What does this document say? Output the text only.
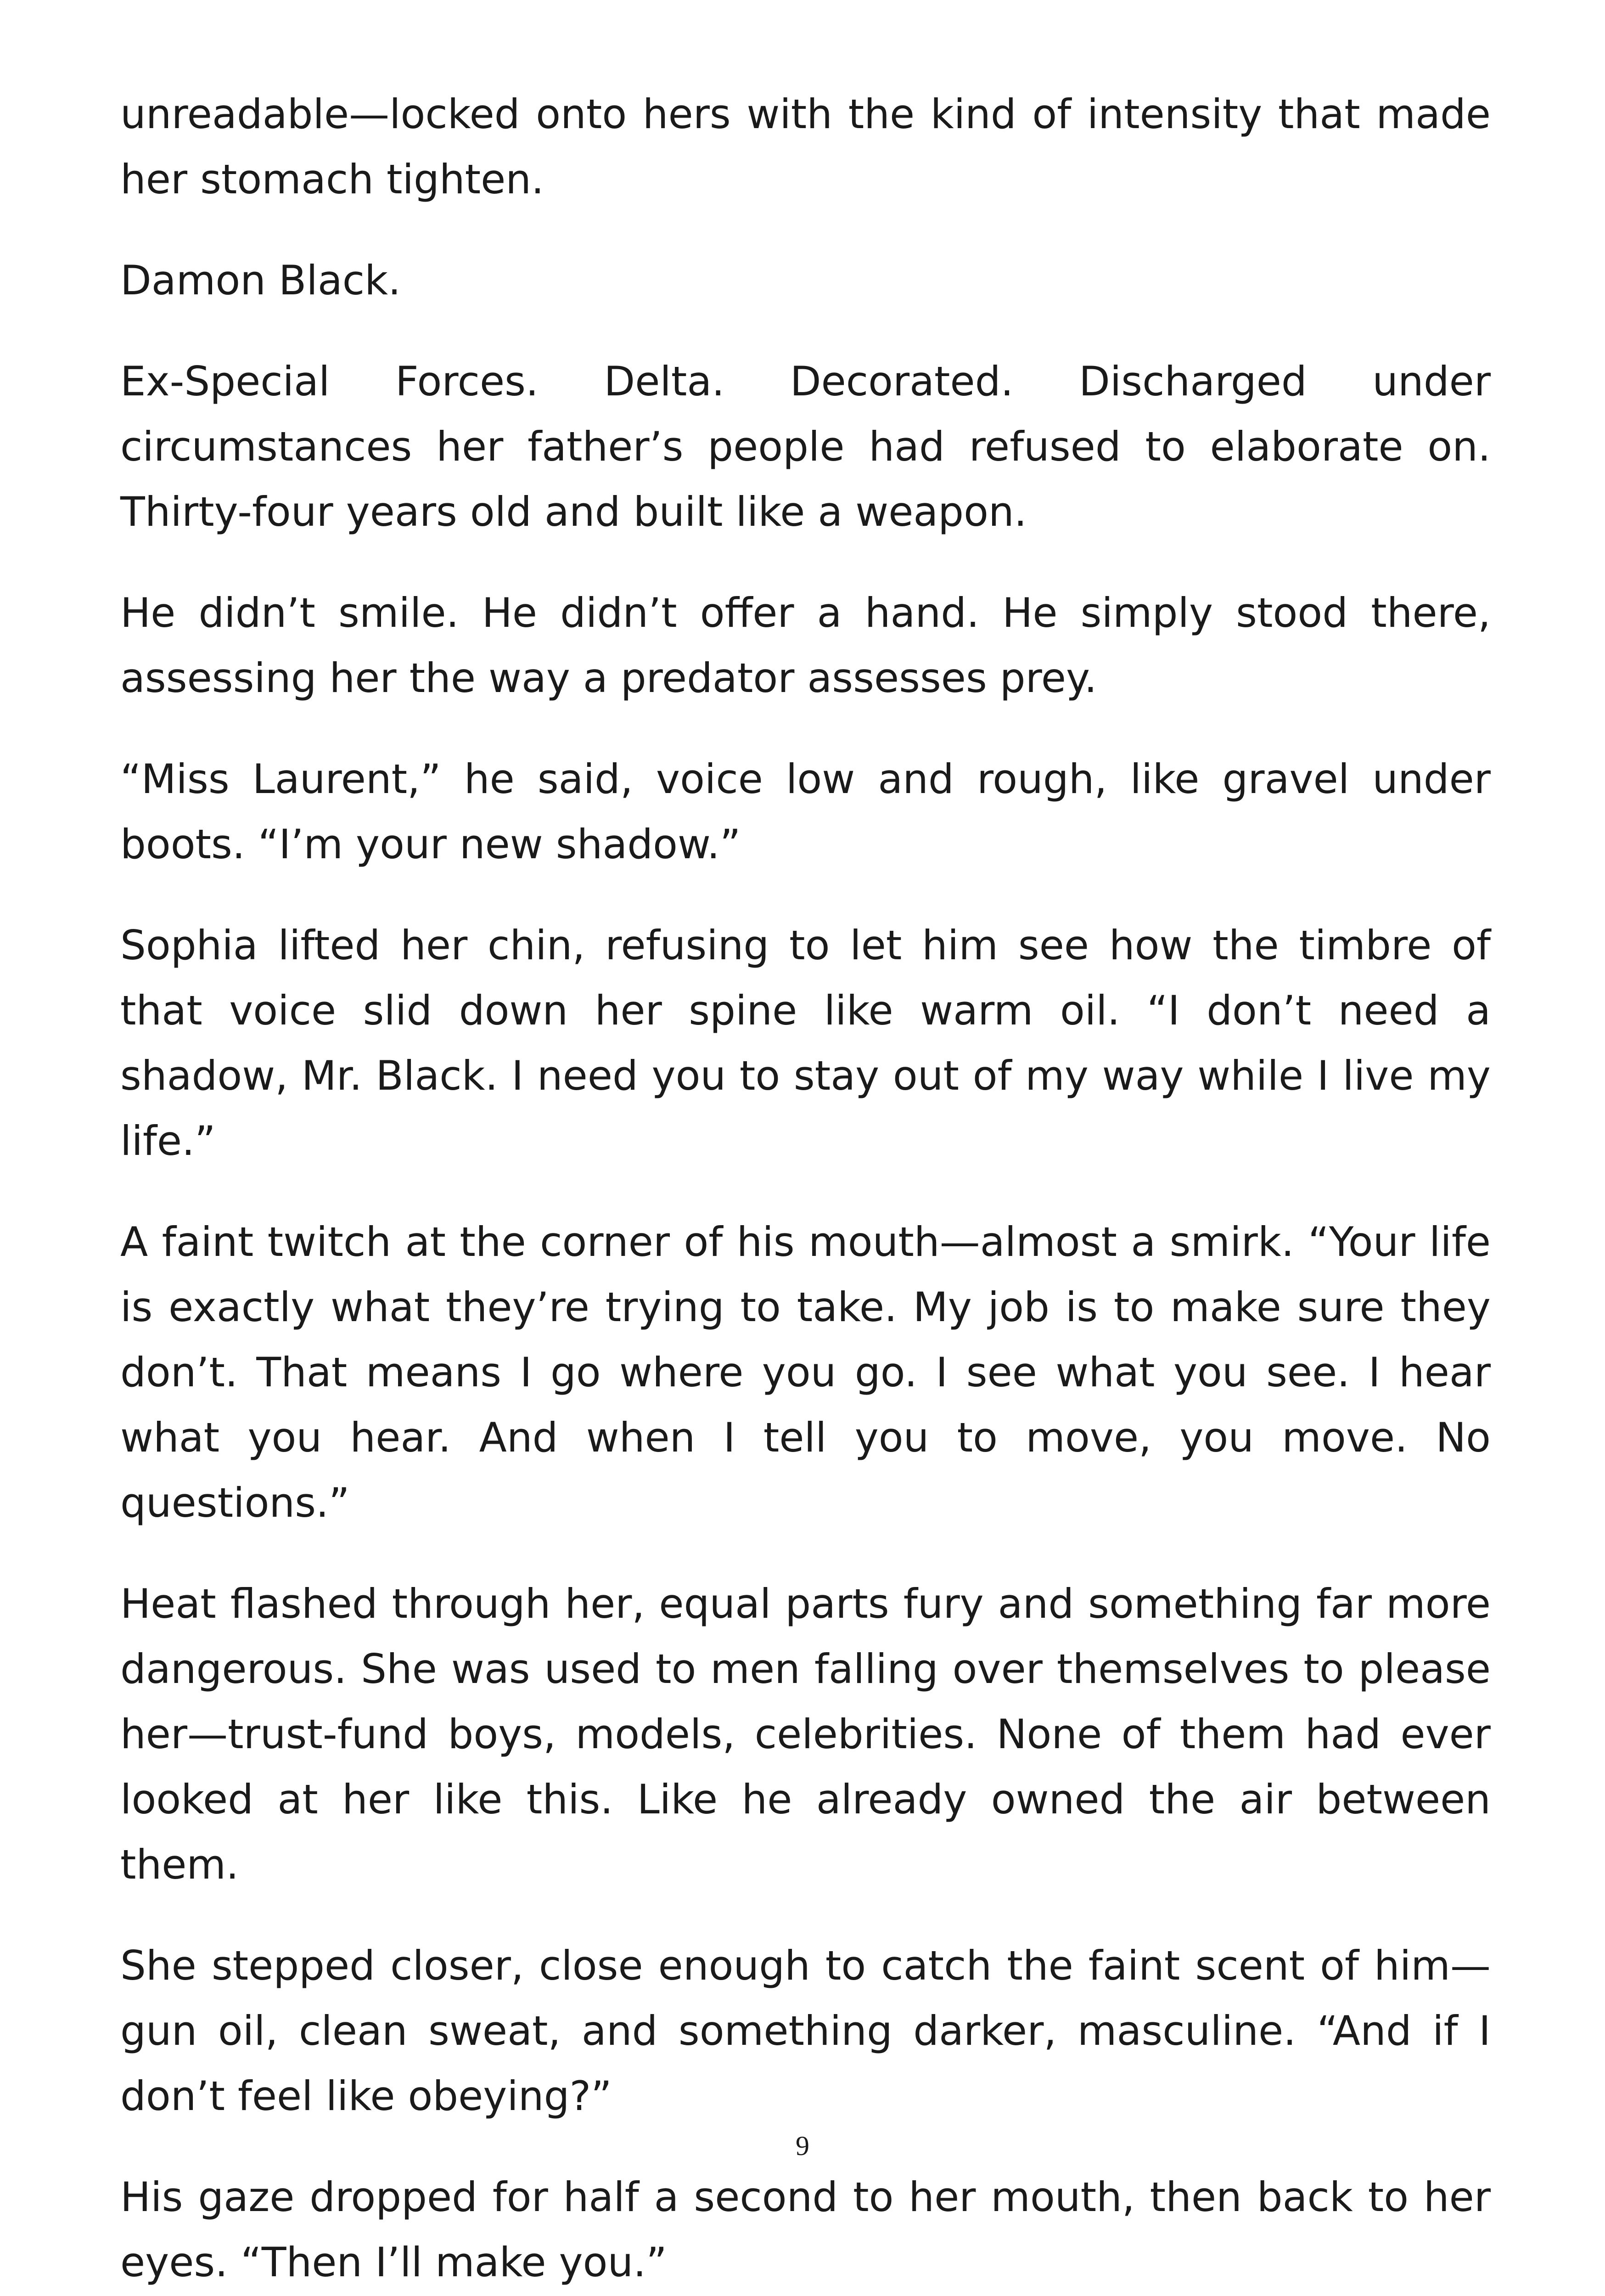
unreadable—locked onto hers with the kind of intensity that made her stomach tighten.

Damon Black.

Ex-Special Forces. Delta. Decorated. Discharged under circumstances her father’s people had refused to elaborate on. Thirty-four years old and built like a weapon.

He didn’t smile. He didn’t offer a hand. He simply stood there, assessing her the way a predator assesses prey.

“Miss Laurent,” he said, voice low and rough, like gravel under boots. “I’m your new shadow.”

Sophia lifted her chin, refusing to let him see how the timbre of that voice slid down her spine like warm oil. “I don’t need a shadow, Mr. Black. I need you to stay out of my way while I live my life.”

A faint twitch at the corner of his mouth—almost a smirk. “Your life is exactly what they’re trying to take. My job is to make sure they don’t. That means I go where you go. I see what you see. I hear what you hear. And when I tell you to move, you move. No questions.”

Heat flashed through her, equal parts fury and something far more dangerous. She was used to men falling over themselves to please her—trust-fund boys, models, celebrities. None of them had ever looked at her like this. Like he already owned the air between them.

She stepped closer, close enough to catch the faint scent of him—gun oil, clean sweat, and something darker, masculine. “And if I don’t feel like obeying?”

His gaze dropped for half a second to her mouth, then back to her eyes. “Then I’ll make you.”

9
